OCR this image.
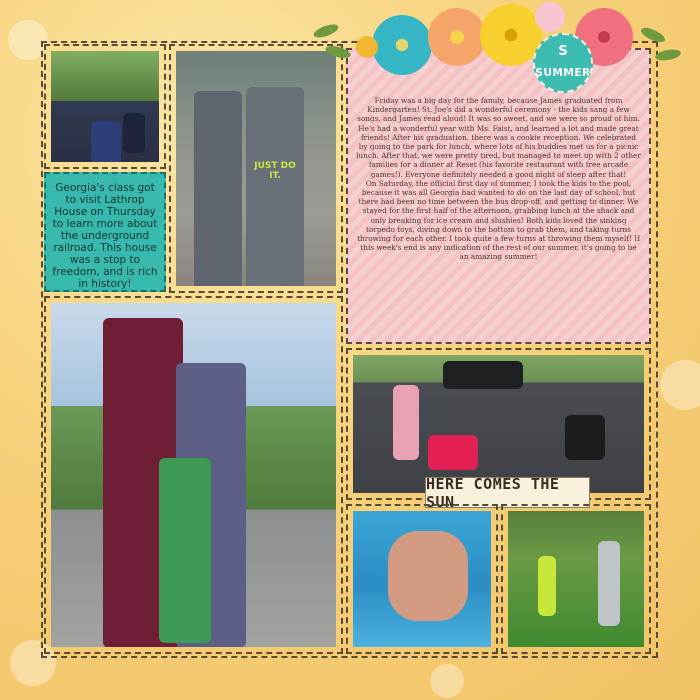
JUST DO IT.
Georgia's class got to visit Lathrop House on Thursday to learn more about the underground railroad. This house was a stop to freedom, and is rich in history!

Friday was a big day for the family, because James graduated from Kindergarten! St. Joe's did a wonderful ceremony - the kids sang a few songs, and James read aloud! It was so sweet, and we were so proud of him. He's had a wonderful year with Ms. Faist, and learned a lot and made great friends! After his graduation, there was a cookie reception. We celebrated by going to the park for lunch, where lots of his buddies met us for a picnic lunch. After that, we were pretty tired, but managed to meet up with 2 other families for a dinner at Reset (his favorite restaurant with free arcade games!). Everyone definitely needed a good night of sleep after that!

On Saturday, the official first day of summer, I took the kids to the pool, because it was all Georgia had wanted to do on the last day of school, but there had been no time between the bus drop-off, and getting to dinner. We stayed for the first half of the afternoon, grabbing lunch at the shack and only breaking for ice cream and slushies! Both kids loved the sinking torpedo toys, diving down to the bottom to grab them, and taking turns throwing for each other. I took quite a few turns at throwing them myself! If this week's end is any indication of the rest of our summer, it's going to be an amazing summer!

S
SUMMER
HERE COMES THE SUN
